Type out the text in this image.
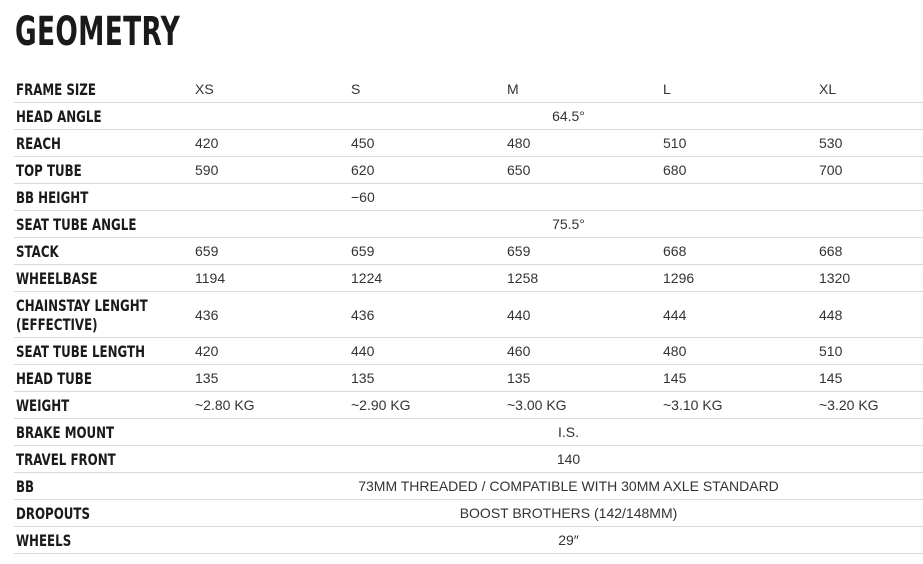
GEOMETRY
FRAME SIZE	XS	S	M	L	XL
HEAD ANGLE	64.5°				
REACH	420	450	480	510	530
TOP TUBE	590	620	650	680	700
BB HEIGHT		−60			
SEAT TUBE ANGLE	75.5°				
STACK	659	659	659	668	668
WHEELBASE	1194	1224	1258	1296	1320
CHAINSTAY LENGHT
(EFFECTIVE)	436	436	440	444	448
SEAT TUBE LENGTH	420	440	460	480	510
HEAD TUBE	135	135	135	145	145
WEIGHT	~2.80 KG	~2.90 KG	~3.00 KG	~3.10 KG	~3.20 KG
BRAKE MOUNT	I.S.				
TRAVEL FRONT	140				
BB	73MM THREADED / COMPATIBLE WITH 30MM AXLE STANDARD				
DROPOUTS	BOOST BROTHERS (142/148MM)				
WHEELS	29″				
